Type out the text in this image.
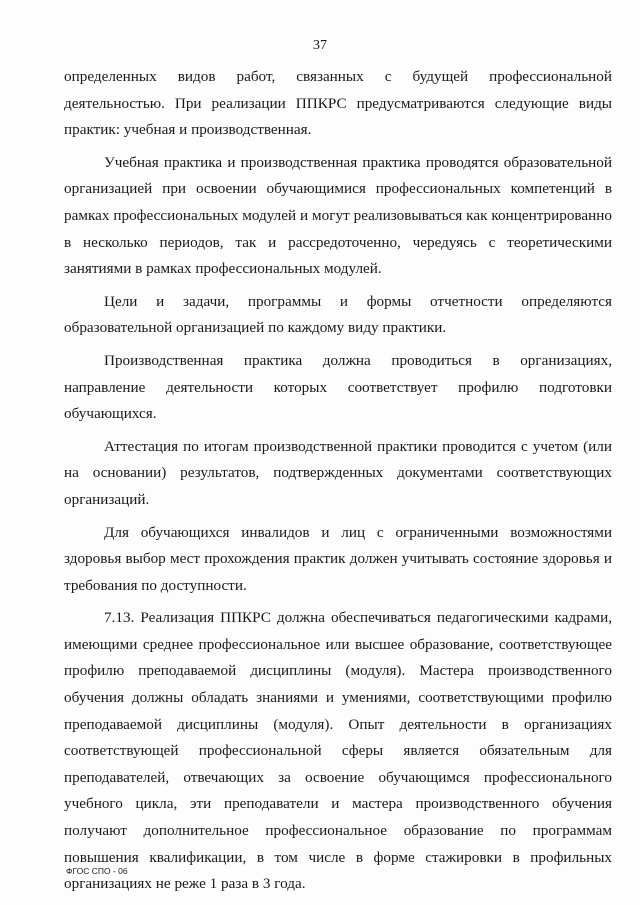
37

определенных видов работ, связанных с будущей профессиональной деятельностью. При реализации ППКРС предусматриваются следующие виды практик: учебная и производственная.

Учебная практика и производственная практика проводятся образовательной организацией при освоении обучающимися профессиональных компетенций в рамках профессиональных модулей и могут реализовываться как концентрированно в несколько периодов, так и рассредоточенно, чередуясь с теоретическими занятиями в рамках профессиональных модулей.

Цели и задачи, программы и формы отчетности определяются образовательной организацией по каждому виду практики.

Производственная практика должна проводиться в организациях, направление деятельности которых соответствует профилю подготовки обучающихся.

Аттестация по итогам производственной практики проводится с учетом (или на основании) результатов, подтвержденных документами соответствующих организаций.

Для обучающихся инвалидов и лиц с ограниченными возможностями здоровья выбор мест прохождения практик должен учитывать состояние здоровья и требования по доступности.

7.13. Реализация ППКРС должна обеспечиваться педагогическими кадрами, имеющими среднее профессиональное или высшее образование, соответствующее профилю преподаваемой дисциплины (модуля). Мастера производственного обучения должны обладать знаниями и умениями, соответствующими профилю преподаваемой дисциплины (модуля). Опыт деятельности в организациях соответствующей профессиональной сферы является обязательным для преподавателей, отвечающих за освоение обучающимся профессионального учебного цикла, эти преподаватели и мастера производственного обучения получают дополнительное профессиональное образование по программам повышения квалификации, в том числе в форме стажировки в профильных организациях не реже 1 раза в 3 года.

ФГОС СПО - 06
